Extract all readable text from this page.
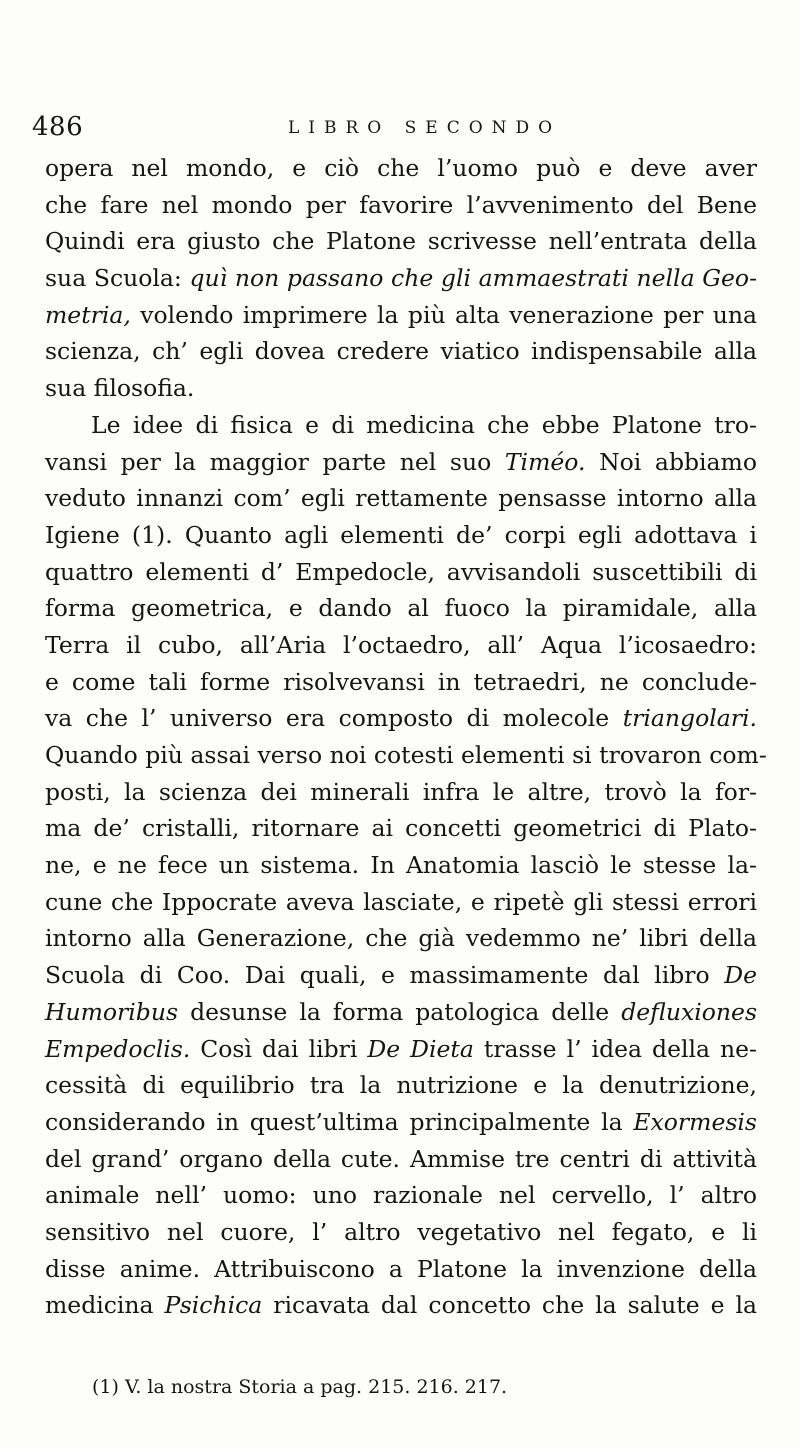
486	LIBRO SECONDO
opera nel mondo, e ciò che l’uomo può e deve aver
che fare nel mondo per favorire l’avvenimento del Bene
Quindi era giusto che Platone scrivesse nell’entrata della
sua Scuola: quì non passano che gli ammaestrati nella Geo-
metria, volendo imprimere la più alta venerazione per una
scienza, ch’ egli dovea credere viatico indispensabile alla
sua filosofia.
Le idee di fisica e di medicina che ebbe Platone tro-
vansi per la maggior parte nel suo Timéo. Noi abbiamo
veduto innanzi com’ egli rettamente pensasse intorno alla
Igiene (1). Quanto agli elementi de’ corpi egli adottava i
quattro elementi d’ Empedocle, avvisandoli suscettibili di
forma geometrica, e dando al fuoco la piramidale, alla
Terra il cubo, all’Aria l’octaedro, all’ Aqua l’icosaedro:
e come tali forme risolvevansi in tetraedri, ne conclude-
va che l’ universo era composto di molecole triangolari.
Quando più assai verso noi cotesti elementi si trovaron com-
posti, la scienza dei minerali infra le altre, trovò la for-
ma de’ cristalli, ritornare ai concetti geometrici di Plato-
ne, e ne fece un sistema. In Anatomia lasciò le stesse la-
cune che Ippocrate aveva lasciate, e ripetè gli stessi errori
intorno alla Generazione, che già vedemmo ne’ libri della
Scuola di Coo. Dai quali, e massimamente dal libro De
Humoribus desunse la forma patologica delle defluxiones
Empedoclis. Così dai libri De Dieta trasse l’ idea della ne-
cessità di equilibrio tra la nutrizione e la denutrizione,
considerando in quest’ultima principalmente la Exormesis
del grand’ organo della cute. Ammise tre centri di attività
animale nell’ uomo: uno razionale nel cervello, l’ altro
sensitivo nel cuore, l’ altro vegetativo nel fegato, e li
disse anime. Attribuiscono a Platone la invenzione della
medicina Psichica ricavata dal concetto che la salute e la
(1) V. la nostra Storia a pag. 215. 216. 217.
